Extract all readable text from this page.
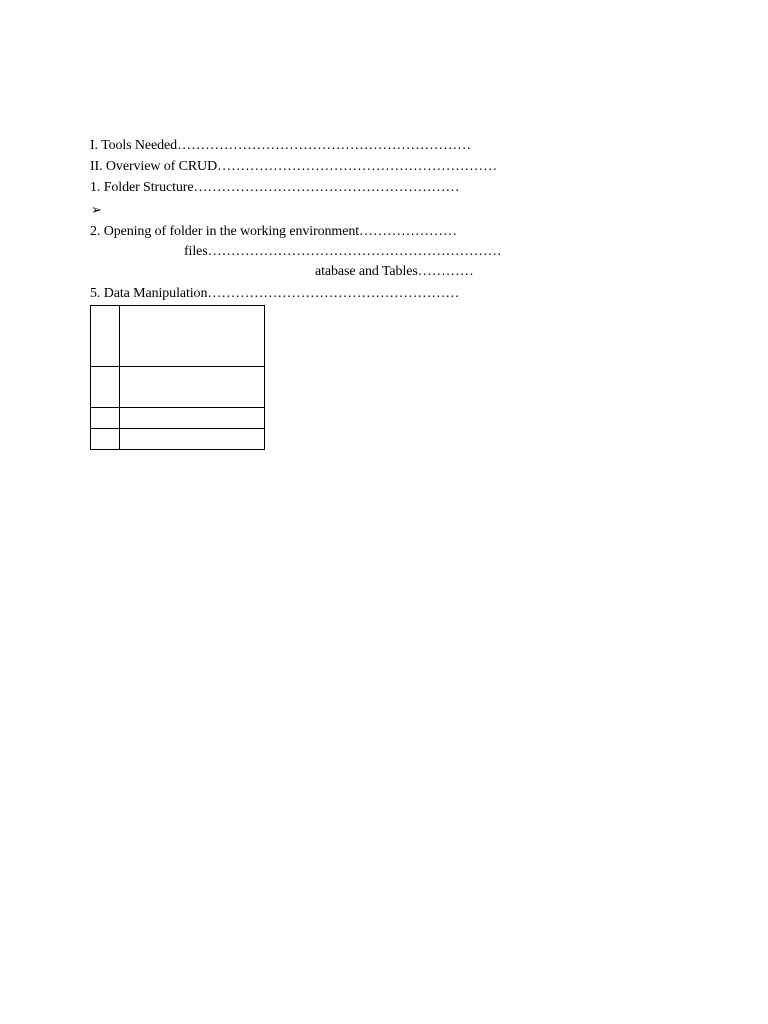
I. Tools Needed………………………………………………………
II. Overview of CRUD……………………………………………………
1. Folder Structure…………………………………………………
➢
2. Opening of folder in the working environment…………………
files………………………………………………………
atabase and Tables…………
5. Data Manipulation………………………………………………
